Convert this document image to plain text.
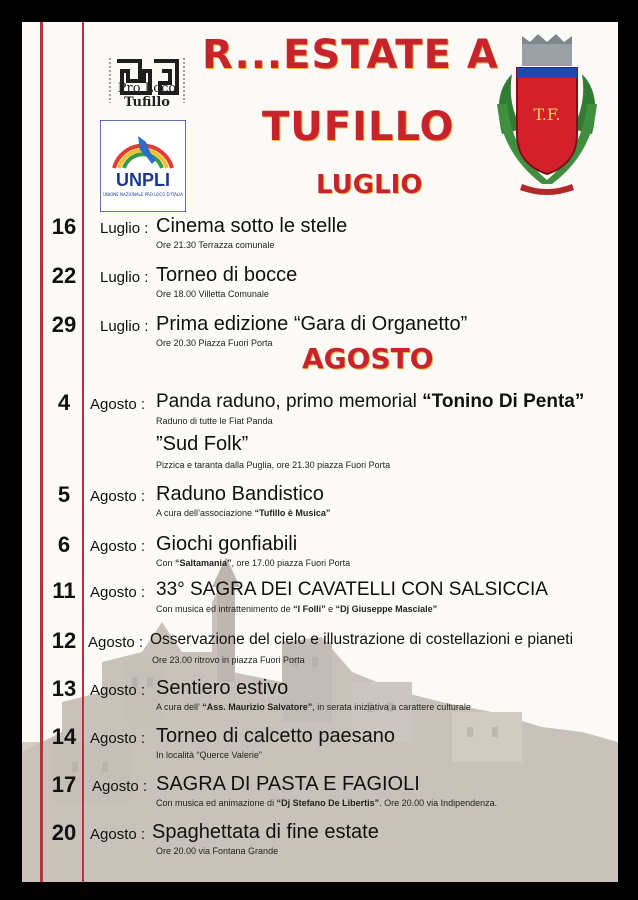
Pro Loco
Tufillo
UNPLI
UNIONE NAZIONALE PRO LOCO D'ITALIA
R...ESTATE A
TUFILLO
LUGLIO
AGOSTO
T.F.
16	Luglio : Cinema sotto le stelle
Ore 21.30 Terrazza comunale
22	Luglio : Torneo di bocce
Ore 18.00 Villetta Comunale
29	Luglio : Prima edizione “Gara di Organetto”
Ore 20.30 Piazza Fuori Porta
4	Agosto : Panda raduno, primo memorial “Tonino Di Penta”
Raduno di tutte le Fiat Panda
”Sud Folk”
Pizzica e taranta dalla Puglia, ore 21.30 piazza Fuori Porta
5	Agosto : Raduno Bandistico
A cura dell’associazione “Tufillo è Musica”
6	Agosto : Giochi gonfiabili
Con “Saltamania”, ore 17.00 piazza Fuori Porta
11 Agosto : 33° SAGRA DEI CAVATELLI CON SALSICCIA
Con musica ed intrattenimento de “I Folli” e “Dj Giuseppe Masciale”
12 Agosto : Osservazione del cielo e illustrazione di costellazioni e pianeti
Ore 23.00 ritrovo in piazza Fuori Porta
13 Agosto : Sentiero estivo
A cura dell’ “Ass. Maurizio Salvatore”, in serata iniziativa a carattere culturale
14 Agosto : Torneo di calcetto paesano
In località “Querce Valerie”
17	Agosto : SAGRA DI PASTA E FAGIOLI
Con musica ed animazione di “Dj Stefano De Libertis”. Ore 20.00 via Indipendenza.
20 Agosto : Spaghettata di fine estate
Ore 20.00 via Fontana Grande
